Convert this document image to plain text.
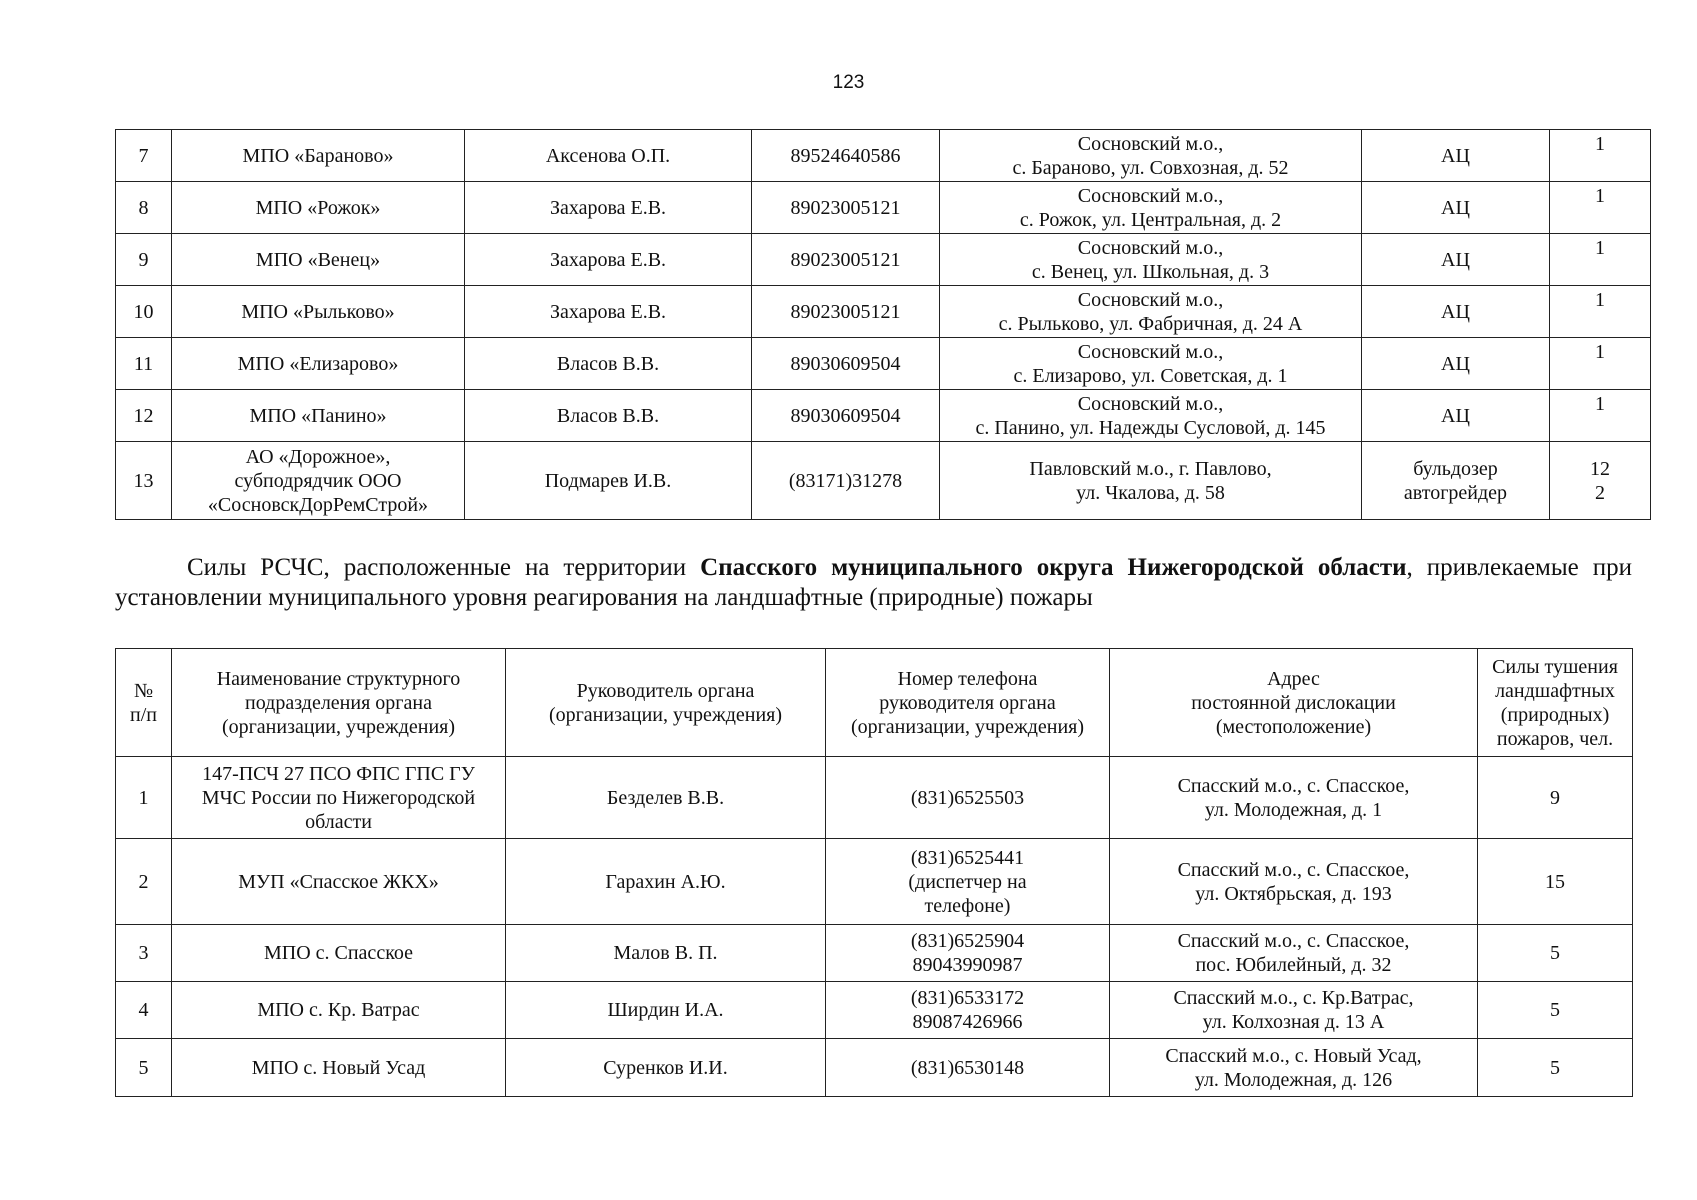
123
7	МПО «Бараново»	Аксенова О.П.	89524640586	Сосновский м.о.,
с. Бараново, ул. Совхозная, д. 52	АЦ	1

8	МПО «Рожок»	Захарова Е.В.	89023005121	Сосновский м.о.,
с. Рожок, ул. Центральная, д. 2	АЦ	1

9	МПО «Венец»	Захарова Е.В.	89023005121	Сосновский м.о.,
с. Венец, ул. Школьная, д. 3	АЦ	1

10	МПО «Рыльково»	Захарова Е.В.	89023005121	Сосновский м.о.,
с. Рыльково, ул. Фабричная, д. 24 А	АЦ	1

11	МПО «Елизарово»	Власов В.В.	89030609504	Сосновский м.о.,
с. Елизарово, ул. Советская, д. 1	АЦ	1

12	МПО «Панино»	Власов В.В.	89030609504	Сосновский м.о.,
с. Панино, ул. Надежды Сусловой, д. 145	АЦ	1

13	АО «Дорожное»,
субподрядчик ООО
«СосновскДорРемСтрой»	Подмарев И.В.	(83171)31278	Павловский м.о., г. Павлово,
ул. Чкалова, д. 58	бульдозер
автогрейдер	12
2
Силы РСЧС, расположенные на территории Спасского муниципального округа Нижегородской области, привлекаемые при установлении муниципального уровня реагирования на ландшафтные (природные) пожары
№
п/п	Наименование структурного
подразделения органа
(организации, учреждения)	Руководитель органа
(организации, учреждения)	Номер телефона
руководителя органа
(организации, учреждения)	Адрес
постоянной дислокации
(местоположение)	Силы тушения
ландшафтных
(природных)
пожаров, чел.

1	147-ПСЧ 27 ПСО ФПС ГПС ГУ
МЧС России по Нижегородской
области	Безделев В.В.	(831)6525503	Спасский м.о., с. Спасское,
ул. Молодежная, д. 1	9

2	МУП «Спасское ЖКХ»	Гарахин А.Ю.	(831)6525441
(диспетчер на
телефоне)	Спасский м.о., с. Спасское,
ул. Октябрьская, д. 193	15

3	МПО с. Спасское	Малов В. П.	(831)6525904
89043990987	Спасский м.о., с. Спасское,
пос. Юбилейный, д. 32	5

4	МПО с. Кр. Ватрас	Ширдин И.А.	(831)6533172
89087426966	Спасский м.о., с. Кр.Ватрас,
ул. Колхозная д. 13 А	5

5	МПО с. Новый Усад	Суренков И.И.	(831)6530148	Спасский м.о., с. Новый Усад,
ул. Молодежная, д. 126	5
